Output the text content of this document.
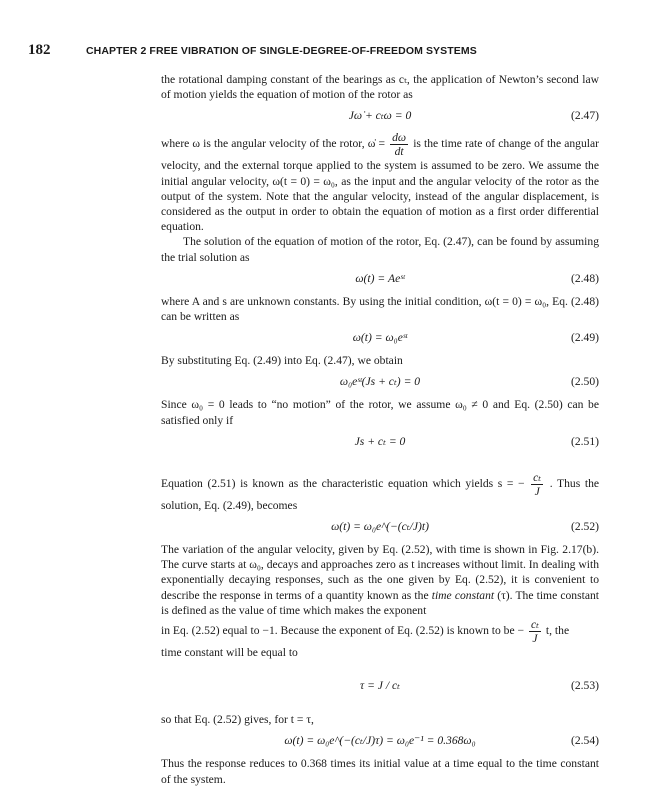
182	CHAPTER 2 FREE VIBRATION OF SINGLE-DEGREE-OF-FREEDOM SYSTEMS

the rotational damping constant of the bearings as cₜ, the application of Newton’s second law of motion yields the equation of motion of the rotor as

Jω̇ + cₜω = 0	(2.47)

where ω is the angular velocity of the rotor, ω̇ = $\frac{d\omega}{dt}$ is the time rate of change of the angular velocity, and the external torque applied to the system is assumed to be zero. We assume the initial angular velocity, ω(t = 0) = ω₀, as the input and the angular velocity of the rotor as the output of the system. Note that the angular velocity, instead of the angular displacement, is considered as the output in order to obtain the equation of motion as a first order differential equation.

The solution of the equation of motion of the rotor, Eq. (2.47), can be found by assuming the trial solution as

ω(t) = Aeˢᵗ	(2.48)

where A and s are unknown constants. By using the initial condition, ω(t = 0) = ω₀, Eq. (2.48) can be written as

ω(t) = ω₀eˢᵗ	(2.49)

By substituting Eq. (2.49) into Eq. (2.47), we obtain

ω₀eˢᵗ(Js + cₜ) = 0	(2.50)

Since ω₀ = 0 leads to “no motion” of the rotor, we assume ω₀ ≠ 0 and Eq. (2.50) can be satisfied only if

Js + cₜ = 0	(2.51)

Equation (2.51) is known as the characteristic equation which yields s = − $\frac{\text{cₜ}}{J}$ . Thus the solution, Eq. (2.49), becomes

ω(t) = ω₀e^(−(cₜ/J)t)	(2.52)

The variation of the angular velocity, given by Eq. (2.52), with time is shown in Fig. 2.17(b). The curve starts at ω₀, decays and approaches zero as t increases without limit. In dealing with exponentially decaying responses, such as the one given by Eq. (2.52), it is convenient to describe the response in terms of a quantity known as the time constant (τ). The time constant is defined as the value of time which makes the exponent

in Eq. (2.52) equal to −1. Because the exponent of Eq. (2.52) is known to be − $\frac{\text{cₜ}}{J} t$, the

time constant will be equal to

τ = J / cₜ	(2.53)

so that Eq. (2.52) gives, for t = τ,

ω(t) = ω₀e^(−(cₜ/J)τ) = ω₀e⁻¹ = 0.368ω₀	(2.54)

Thus the response reduces to 0.368 times its initial value at a time equal to the time constant of the system.
